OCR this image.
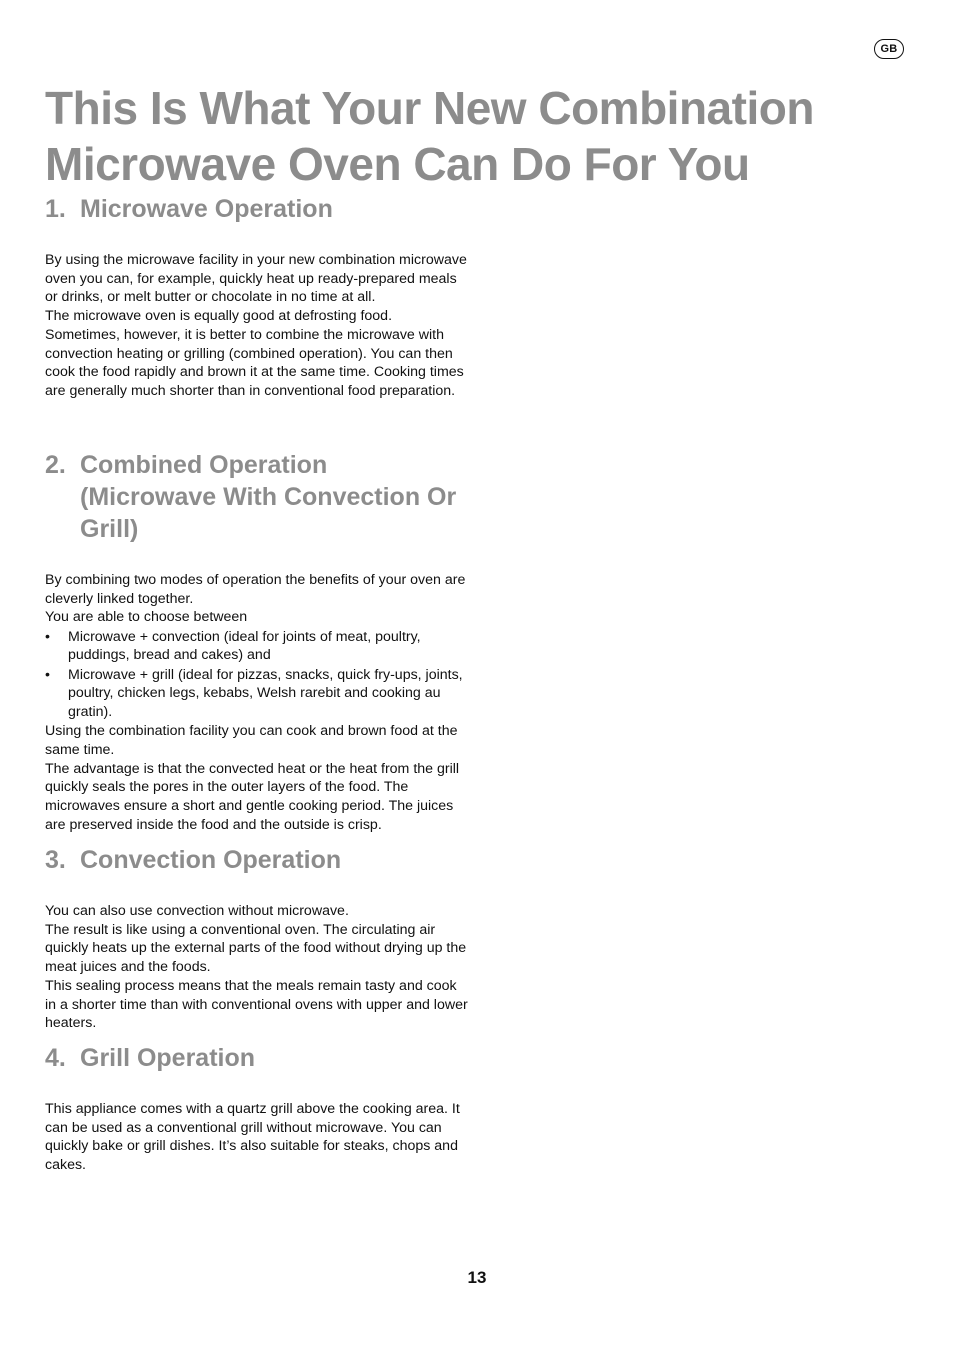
GB
This Is What Your New Combination Microwave Oven Can Do For You
1. Microwave Operation

By using the microwave facility in your new combination microwave oven you can, for example, quickly heat up ready-prepared meals or drinks, or melt butter or chocolate in no time at all.

The microwave oven is equally good at defrosting food. Sometimes, however, it is better to combine the microwave with convection heating or grilling (combined operation). You can then cook the food rapidly and brown it at the same time. Cooking times are generally much shorter than in conventional food preparation.

2. Combined Operation (Microwave With Convection Or Grill)

By combining two modes of operation the benefits of your oven are cleverly linked together.

You are able to choose between

• Microwave + convection (ideal for joints of meat, poultry, puddings, bread and cakes) and
• Microwave + grill (ideal for pizzas, snacks, quick fry-ups, joints, poultry, chicken legs, kebabs, Welsh rarebit and cooking au gratin).

Using the combination facility you can cook and brown food at the same time.

The advantage is that the convected heat or the heat from the grill quickly seals the pores in the outer layers of the food. The microwaves ensure a short and gentle cooking period. The juices are preserved inside the food and the outside is crisp.

3. Convection Operation

You can also use convection without microwave.

The result is like using a conventional oven. The circulating air quickly heats up the external parts of the food without drying up the meat juices and the foods.

This sealing process means that the meals remain tasty and cook in a shorter time than with conventional ovens with upper and lower heaters.

4. Grill Operation

This appliance comes with a quartz grill above the cooking area. It can be used as a conventional grill without microwave. You can quickly bake or grill dishes. It’s also suitable for steaks, chops and cakes.

13
